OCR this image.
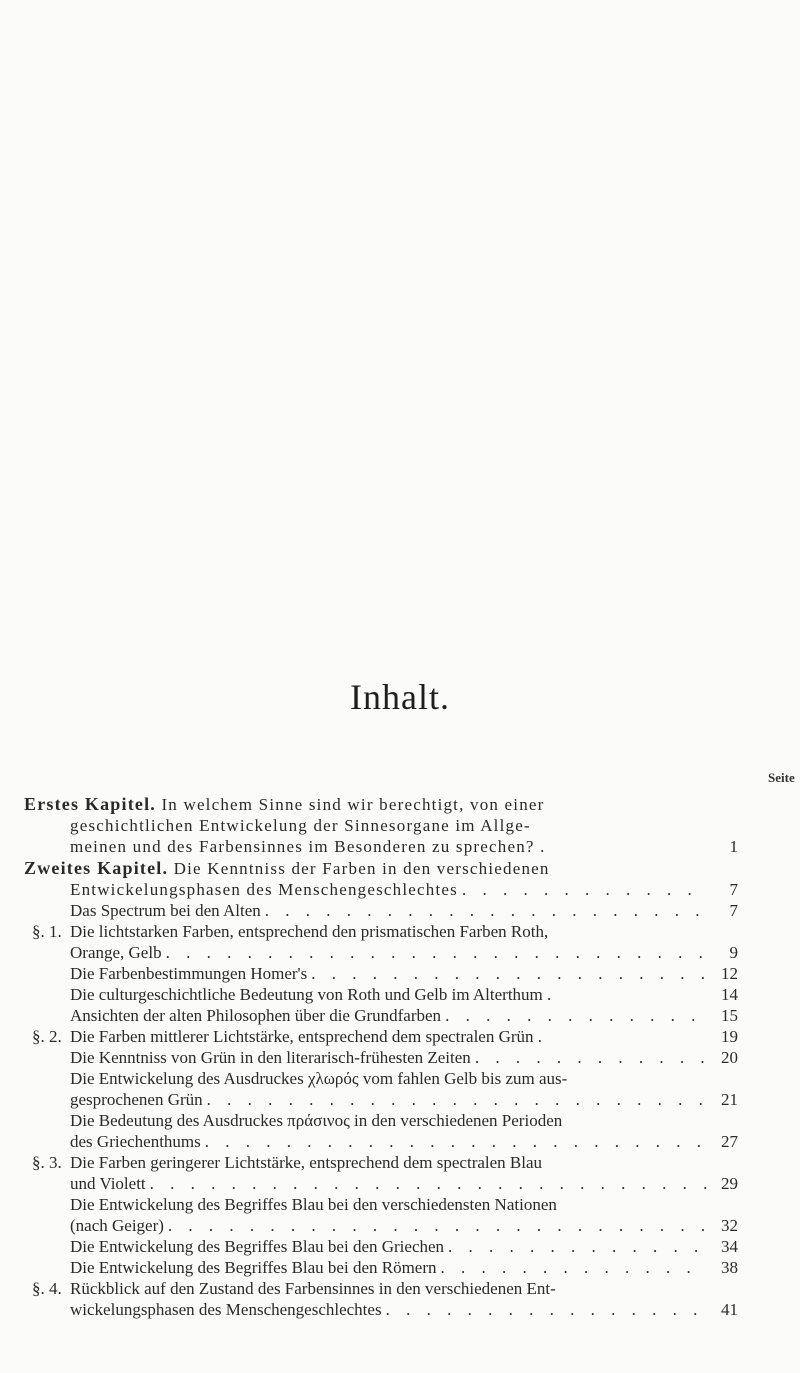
Inhalt.
Seite
Erstes Kapitel. In welchem Sinne sind wir berechtigt, von einer
geschichtlichen Entwickelung der Sinnesorgane im Allge-
meinen und des Farbensinnes im Besonderen zu sprechen? .	1
Zweites Kapitel. Die Kenntniss der Farben in den verschiedenen
Entwickelungsphasen des Menschengeschlechtes . . .	7
Das Spectrum bei den Alten . . .	7
§. 1. Die lichtstarken Farben, entsprechend den prismatischen Farben Roth,
Orange, Gelb . . .	9
Die Farbenbestimmungen Homer's . . .	12
Die culturgeschichtliche Bedeutung von Roth und Gelb im Alterthum .	14
Ansichten der alten Philosophen über die Grundfarben . . .	15
§. 2. Die Farben mittlerer Lichtstärke, entsprechend dem spectralen Grün .	19
Die Kenntniss von Grün in den literarisch-frühesten Zeiten . . .	20
Die Entwickelung des Ausdruckes χλωρός vom fahlen Gelb bis zum aus-
gesprochenen Grün . . .	21
Die Bedeutung des Ausdruckes πράσινος in den verschiedenen Perioden
des Griechenthums . . .	27
§. 3. Die Farben geringerer Lichtstärke, entsprechend dem spectralen Blau
und Violett . . .	29
Die Entwickelung des Begriffes Blau bei den verschiedensten Nationen
(nach Geiger) . . .	32
Die Entwickelung des Begriffes Blau bei den Griechen . . .	34
Die Entwickelung des Begriffes Blau bei den Römern . . .	38
§. 4. Rückblick auf den Zustand des Farbensinnes in den verschiedenen Ent-
wickelungsphasen des Menschengeschlechtes . . .	41
